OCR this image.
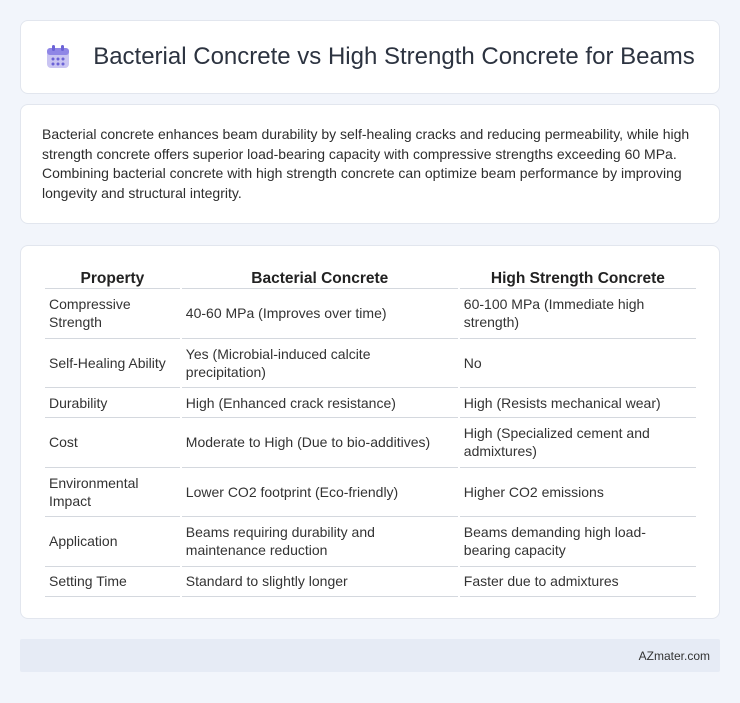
Bacterial Concrete vs High Strength Concrete for Beams

Bacterial concrete enhances beam durability by self-healing cracks and reducing permeability, while high strength concrete offers superior load-bearing capacity with compressive strengths exceeding 60 MPa. Combining bacterial concrete with high strength concrete can optimize beam performance by improving longevity and structural integrity.

Property	Bacterial Concrete	High Strength Concrete
Compressive Strength	40-60 MPa (Improves over time)	60-100 MPa (Immediate high strength)
Self-Healing Ability	Yes (Microbial-induced calcite precipitation)	No
Durability	High (Enhanced crack resistance)	High (Resists mechanical wear)
Cost	Moderate to High (Due to bio-additives)	High (Specialized cement and admixtures)
Environmental Impact	Lower CO2 footprint (Eco-friendly)	Higher CO2 emissions
Application	Beams requiring durability and maintenance reduction	Beams demanding high load-bearing capacity
Setting Time	Standard to slightly longer	Faster due to admixtures
AZmater.com
